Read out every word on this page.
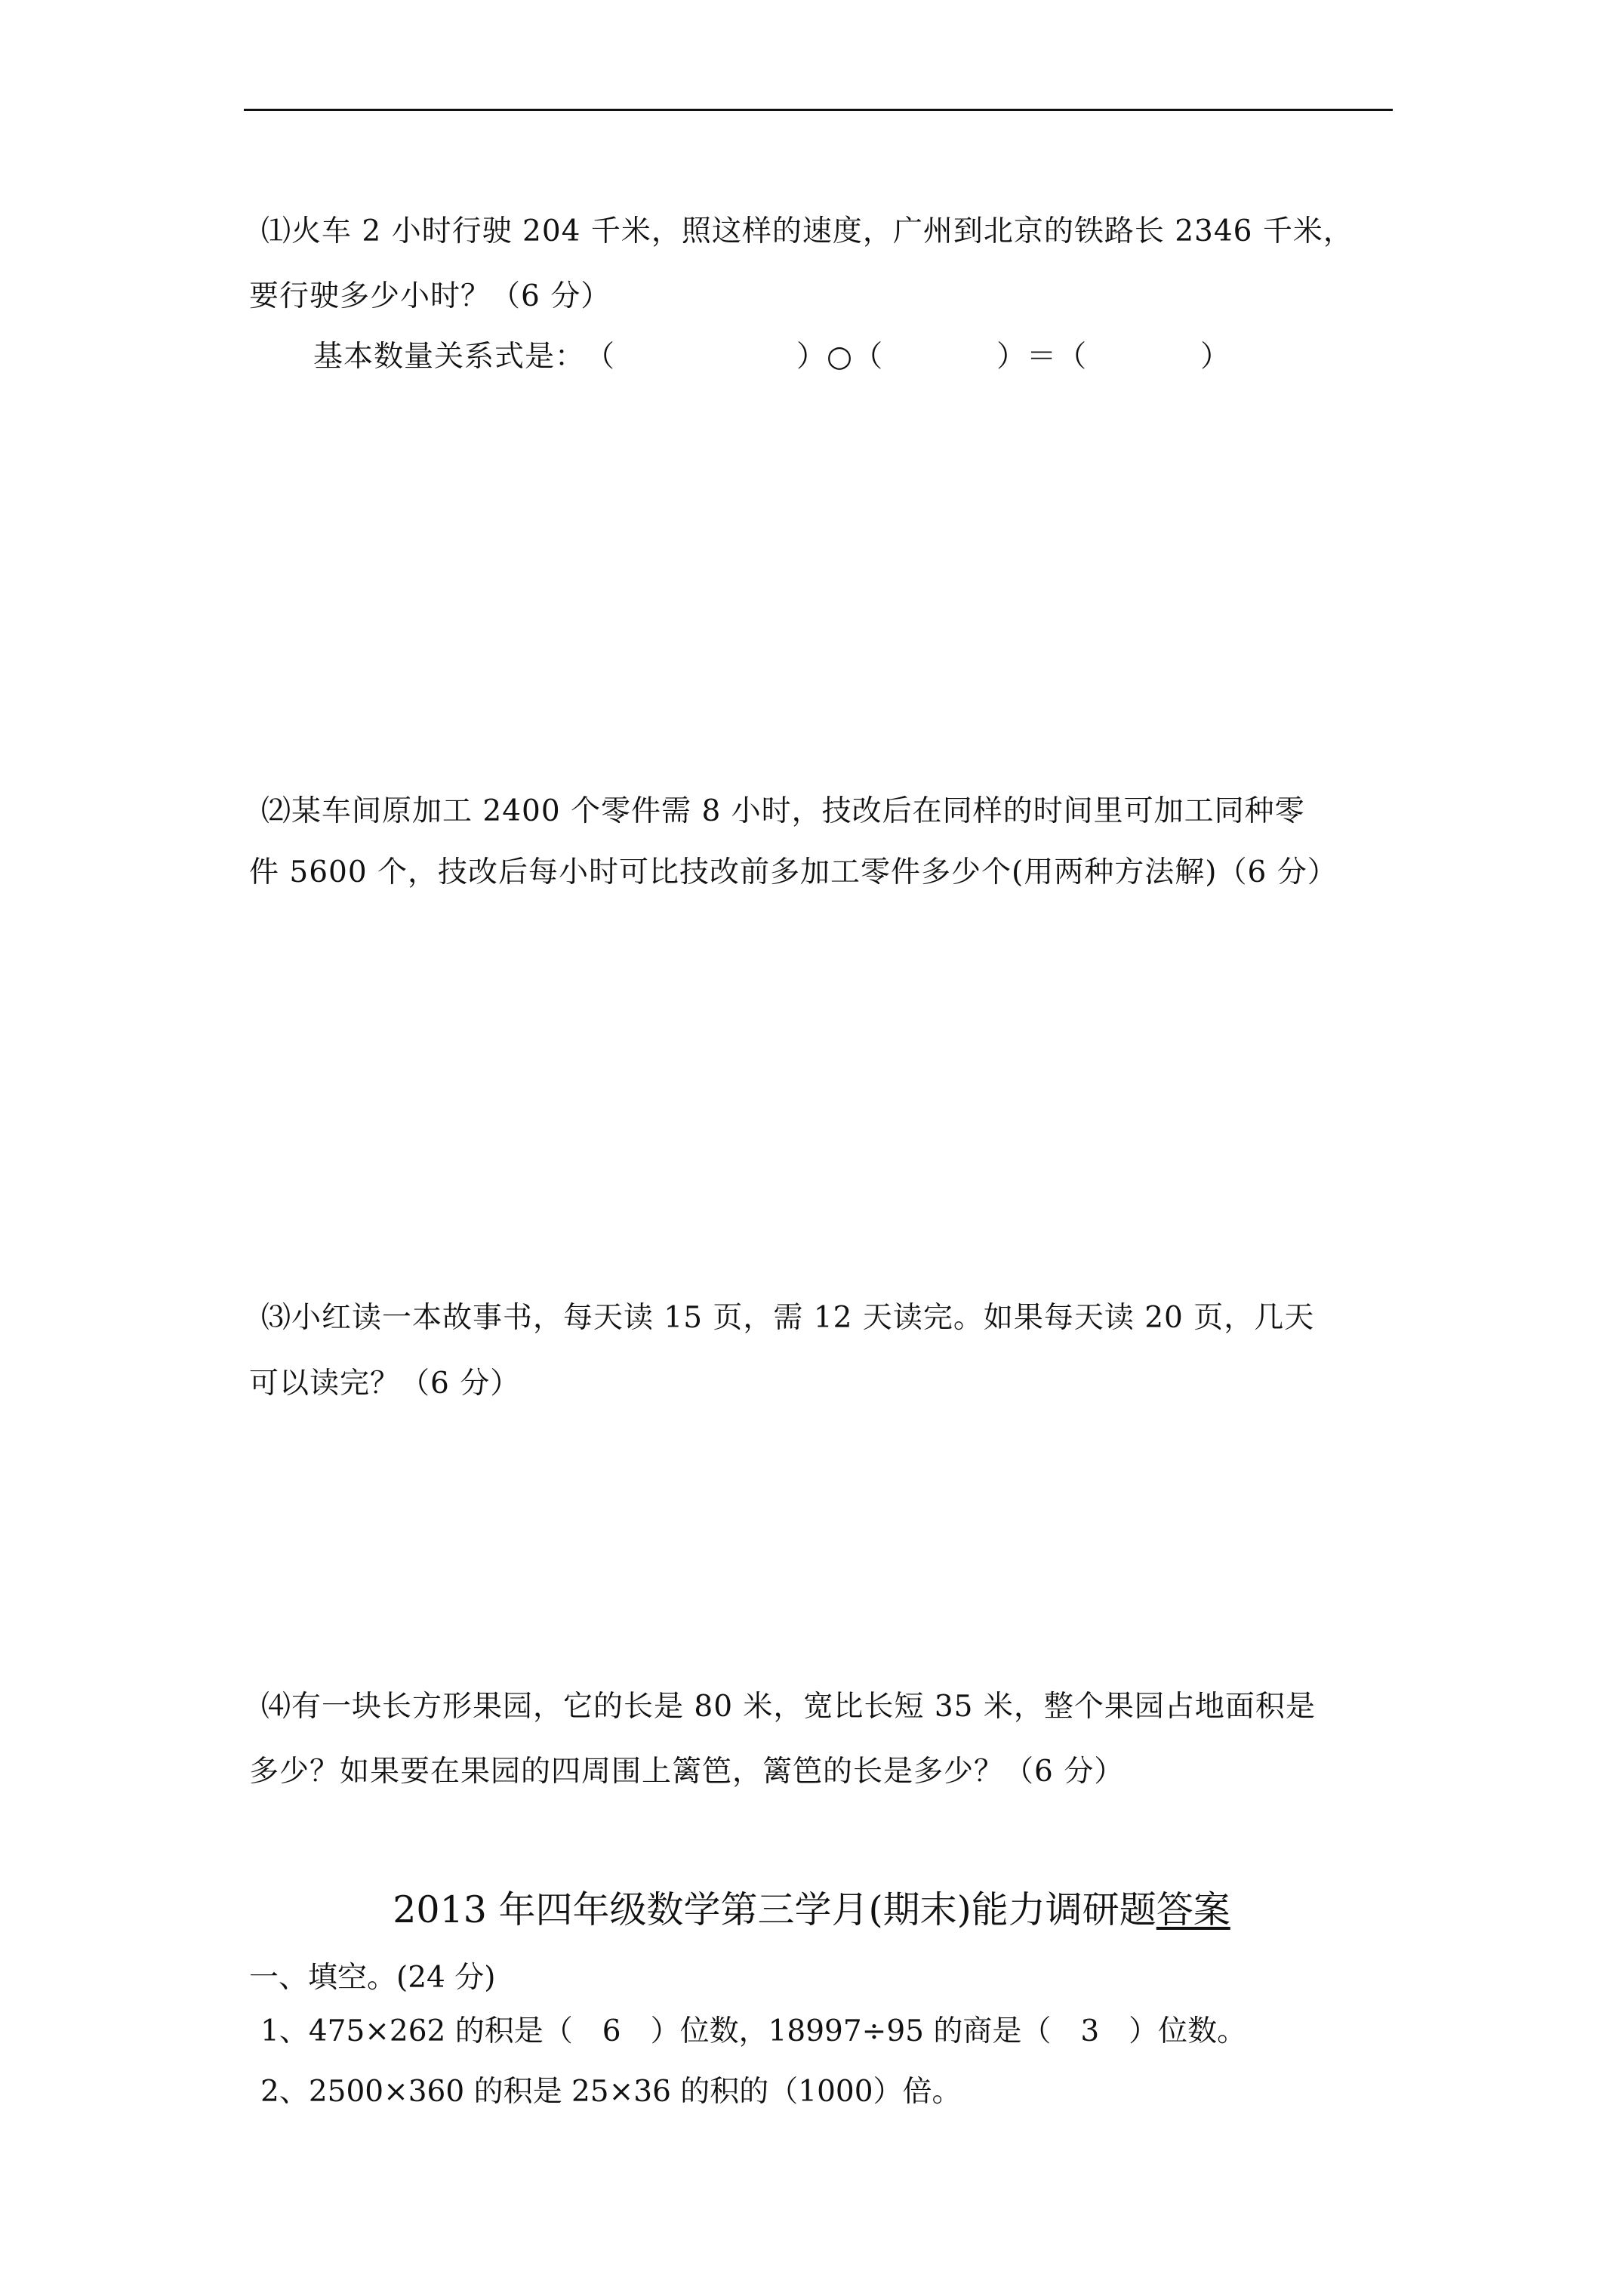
⑴火车 2 小时行驶 204 千米，照这样的速度，广州到北京的铁路长 2346 千米，
要行驶多少小时？（6 分）
基本数量关系式是：（	）○（	）＝（	）
⑵某车间原加工 2400 个零件需 8 小时，技改后在同样的时间里可加工同种零
件 5600 个，技改后每小时可比技改前多加工零件多少个(用两种方法解)（6 分）
⑶小红读一本故事书，每天读 15 页，需 12 天读完。如果每天读 20 页，几天
可以读完？（6 分）
⑷有一块长方形果园，它的长是 80 米，宽比长短 35 米，整个果园占地面积是
多少？如果要在果园的四周围上篱笆，篱笆的长是多少？（6 分）
2013 年四年级数学第三学月(期末)能力调研题答案
一、填空。(24 分)
1、475×262 的积是（　6　）位数，18997÷95 的商是（　3　）位数。
2、2500×360 的积是 25×36 的积的（1000）倍。
